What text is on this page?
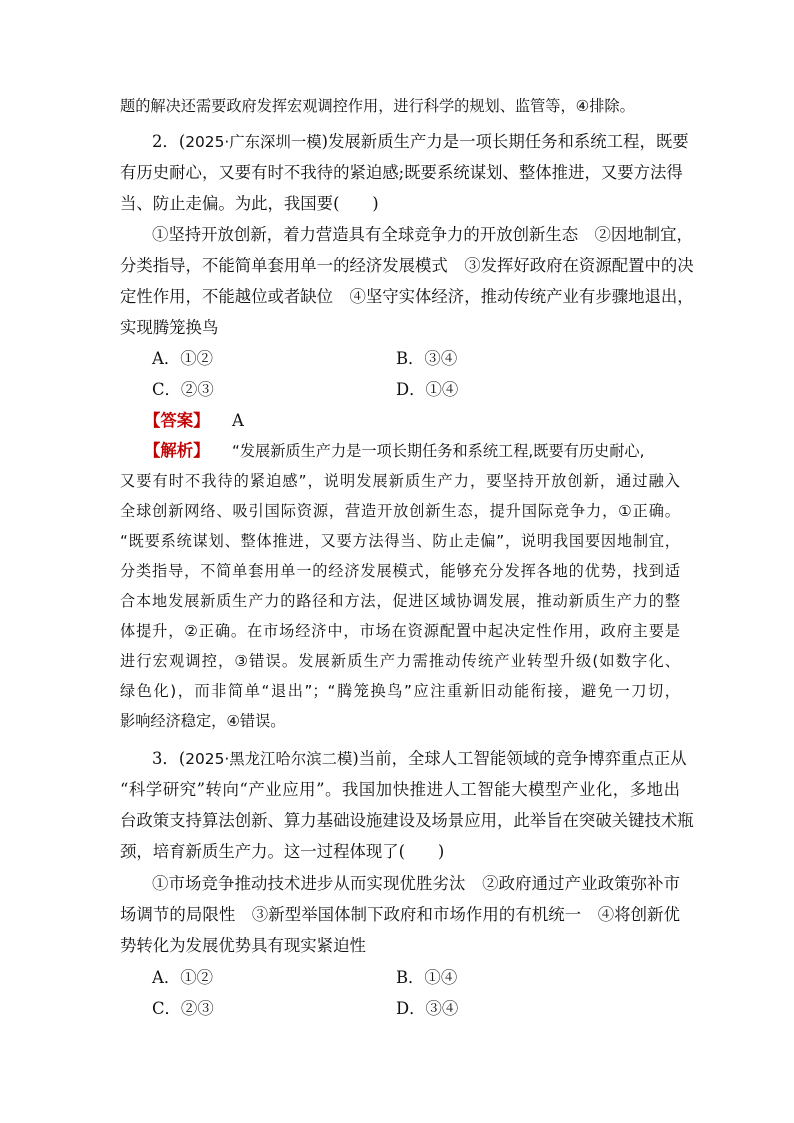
题的解决还需要政府发挥宏观调控作用，进行科学的规划、监管等，④排除。
2．(2025·广东深圳一模)发展新质生产力是一项长期任务和系统工程，既要
有历史耐心，又要有时不我待的紧迫感;既要系统谋划、整体推进，又要方法得
当、防止走偏。为此，我国要(　　)
①坚持开放创新，着力营造具有全球竞争力的开放创新生态　②因地制宜，
分类指导，不能简单套用单一的经济发展模式　③发挥好政府在资源配置中的决
定性作用，不能越位或者缺位　④坚守实体经济，推动传统产业有步骤地退出，
实现腾笼换鸟
A．①②	B．③④
C．②③	D．①④
【答案】 A
【解析】 “发展新质生产力是一项长期任务和系统工程,既要有历史耐心,
又要有时不我待的紧迫感”，说明发展新质生产力，要坚持开放创新，通过融入
全球创新网络、吸引国际资源，营造开放创新生态，提升国际竞争力，①正确。
“既要系统谋划、整体推进，又要方法得当、防止走偏”，说明我国要因地制宜，
分类指导，不简单套用单一的经济发展模式，能够充分发挥各地的优势，找到适
合本地发展新质生产力的路径和方法，促进区域协调发展，推动新质生产力的整
体提升，②正确。在市场经济中，市场在资源配置中起决定性作用，政府主要是
进行宏观调控，③错误。发展新质生产力需推动传统产业转型升级(如数字化、
绿色化)，而非简单“退出”；“腾笼换鸟”应注重新旧动能衔接，避免一刀切，
影响经济稳定，④错误。
3．(2025·黑龙江哈尔滨二模)当前，全球人工智能领域的竞争博弈重点正从
“科学研究”转向“产业应用”。我国加快推进人工智能大模型产业化，多地出
台政策支持算法创新、算力基础设施建设及场景应用，此举旨在突破关键技术瓶
颈，培育新质生产力。这一过程体现了(　　)
①市场竞争推动技术进步从而实现优胜劣汰　②政府通过产业政策弥补市
场调节的局限性　③新型举国体制下政府和市场作用的有机统一　④将创新优
势转化为发展优势具有现实紧迫性
A．①②	B．①④
C．②③	D．③④
